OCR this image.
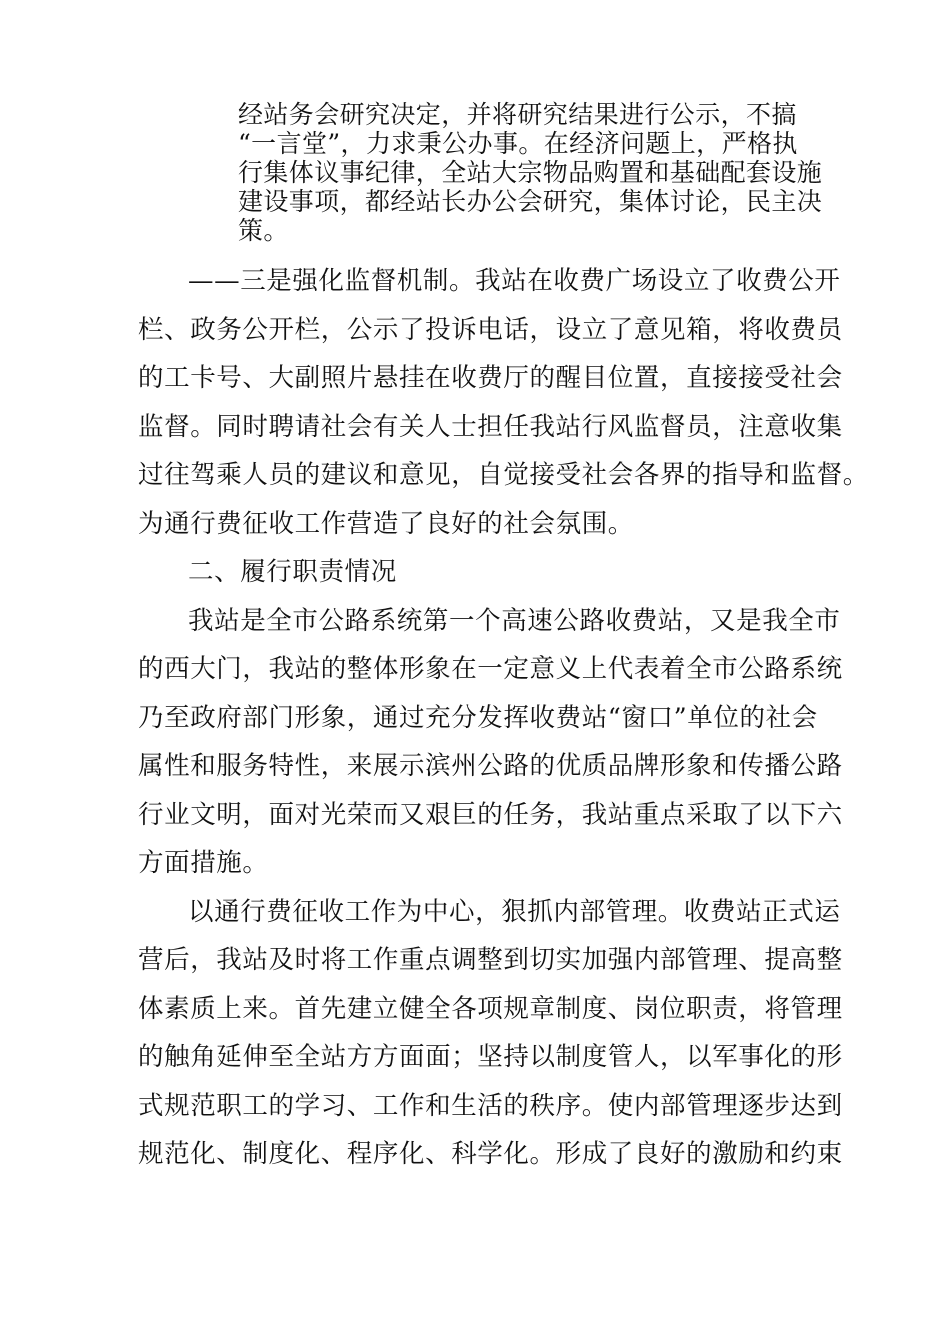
经站务会研究决定，并将研究结果进行公示，不搞
“一言堂”，力求秉公办事。在经济问题上，严格执
行集体议事纪律，全站大宗物品购置和基础配套设施
建设事项，都经站长办公会研究，集体讨论，民主决
策。
——三是强化监督机制。我站在收费广场设立了收费公开
栏、政务公开栏，公示了投诉电话，设立了意见箱，将收费员
的工卡号、大副照片悬挂在收费厅的醒目位置，直接接受社会
监督。同时聘请社会有关人士担任我站行风监督员，注意收集
过往驾乘人员的建议和意见，自觉接受社会各界的指导和监督。
为通行费征收工作营造了良好的社会氛围。
二、履行职责情况
我站是全市公路系统第一个高速公路收费站，又是我全市
的西大门，我站的整体形象在一定意义上代表着全市公路系统
乃至政府部门形象，通过充分发挥收费站“窗口”单位的社会
属性和服务特性，来展示滨州公路的优质品牌形象和传播公路
行业文明，面对光荣而又艰巨的任务，我站重点采取了以下六
方面措施。
以通行费征收工作为中心，狠抓内部管理。收费站正式运
营后，我站及时将工作重点调整到切实加强内部管理、提高整
体素质上来。首先建立健全各项规章制度、岗位职责，将管理
的触角延伸至全站方方面面；坚持以制度管人，以军事化的形
式规范职工的学习、工作和生活的秩序。使内部管理逐步达到
规范化、制度化、程序化、科学化。形成了良好的激励和约束
